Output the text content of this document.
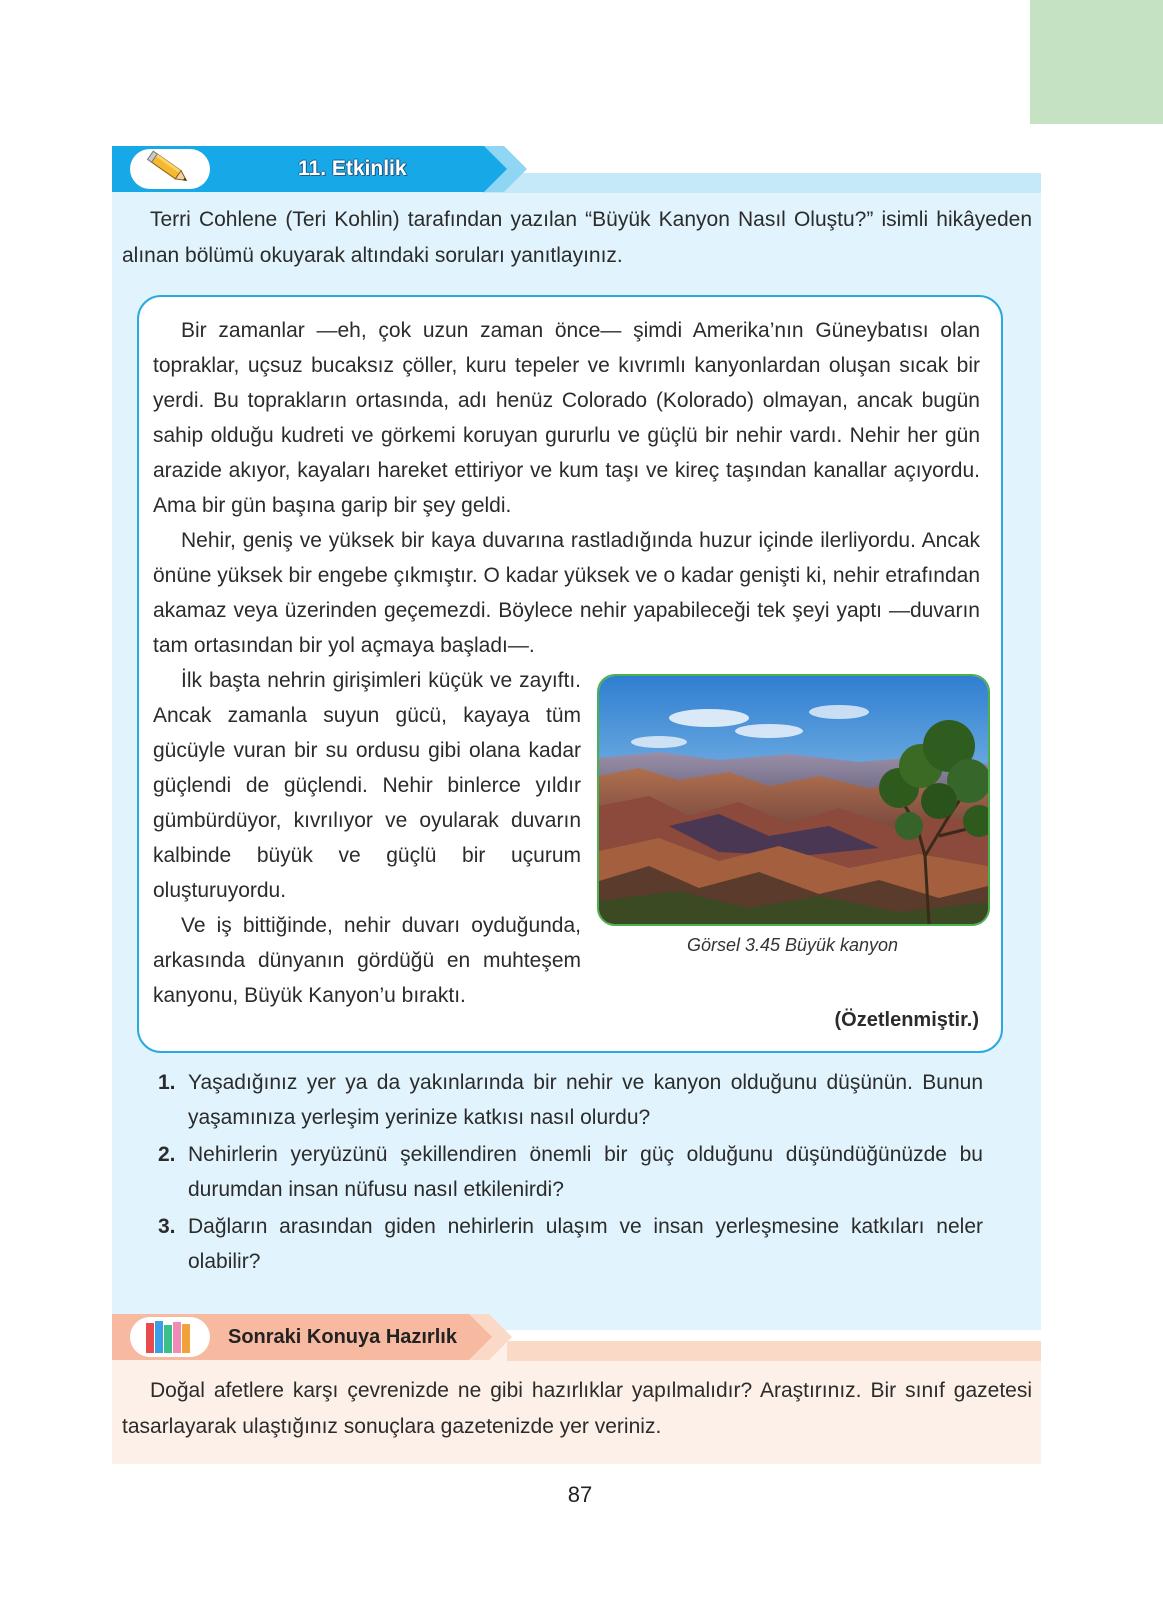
11. Etkinlik

Terri Cohlene (Teri Kohlin) tarafından yazılan “Büyük Kanyon Nasıl Oluştu?” isimli hikâyeden alınan bölümü okuyarak altındaki soruları yanıtlayınız.

Bir zamanlar —eh, çok uzun zaman önce— şimdi Amerika’nın Güneybatısı olan topraklar, uçsuz bucaksız çöller, kuru tepeler ve kıvrımlı kanyonlardan oluşan sıcak bir yerdi. Bu toprakların ortasında, adı henüz Colorado (Kolorado) olmayan, ancak bugün sahip olduğu kudreti ve görkemi koruyan gururlu ve güçlü bir nehir vardı. Nehir her gün arazide akıyor, kayaları hareket ettiriyor ve kum taşı ve kireç taşından kanallar açıyordu. Ama bir gün başına garip bir şey geldi.

Nehir, geniş ve yüksek bir kaya duvarına rastladığında huzur içinde ilerliyordu. Ancak önüne yüksek bir engebe çıkmıştır. O kadar yüksek ve o kadar genişti ki, nehir etrafından akamaz veya üzerinden geçemezdi. Böylece nehir yapabileceği tek şeyi yaptı —duvarın tam ortasından bir yol açmaya başladı—.

İlk başta nehrin girişimleri küçük ve zayıftı. Ancak zamanla suyun gücü, kayaya tüm gücüyle vuran bir su ordusu gibi olana kadar güçlendi de güçlendi. Nehir binlerce yıldır gümbürdüyor, kıvrılıyor ve oyularak duvarın kalbinde büyük ve güçlü bir uçurum oluşturuyordu.

Ve iş bittiğinde, nehir duvarı oyduğunda, arkasında dünyanın gördüğü en muhteşem kanyonu, Büyük Kanyon’u bıraktı.

Görsel 3.45 Büyük kanyon
(Özetlenmiştir.)
1. Yaşadığınız yer ya da yakınlarında bir nehir ve kanyon olduğunu düşünün. Bunun yaşamınıza yerleşim yerinize katkısı nasıl olurdu?
2. Nehirlerin yeryüzünü şekillendiren önemli bir güç olduğunu düşündüğünüzde bu durumdan insan nüfusu nasıl etkilenirdi?
3. Dağların arasından giden nehirlerin ulaşım ve insan yerleşmesine katkıları neler olabilir?
Sonraki Konuya Hazırlık

Doğal afetlere karşı çevrenizde ne gibi hazırlıklar yapılmalıdır? Araştırınız. Bir sınıf gazetesi tasarlayarak ulaştığınız sonuçlara gazetenizde yer veriniz.

87
